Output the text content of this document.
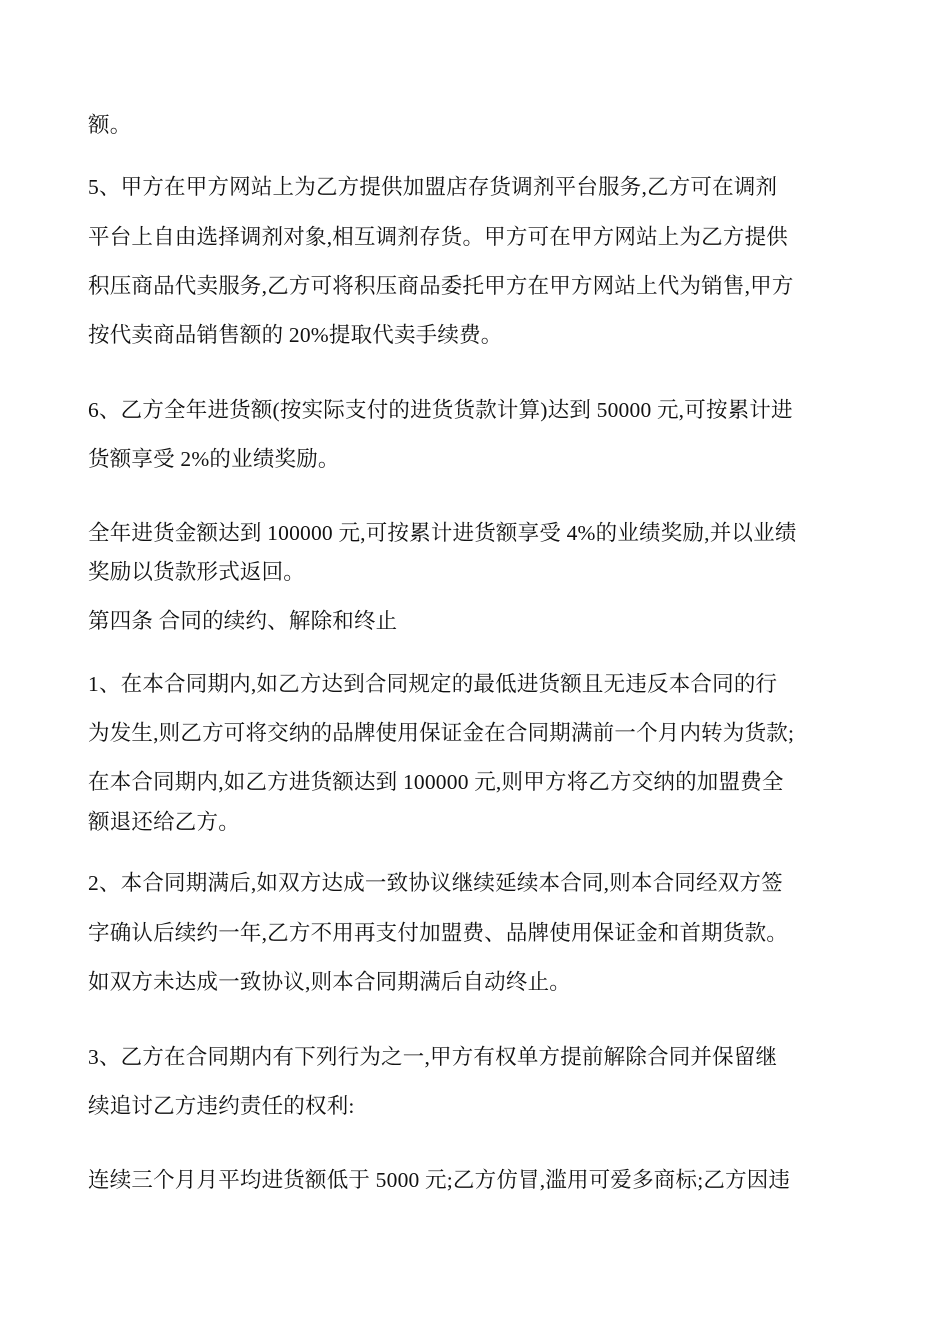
额。
5、甲方在甲方网站上为乙方提供加盟店存货调剂平台服务,乙方可在调剂
平台上自由选择调剂对象,相互调剂存货。甲方可在甲方网站上为乙方提供
积压商品代卖服务,乙方可将积压商品委托甲方在甲方网站上代为销售,甲方
按代卖商品销售额的 20%提取代卖手续费。
6、乙方全年进货额(按实际支付的进货货款计算)达到 50000 元,可按累计进
货额享受 2%的业绩奖励。
全年进货金额达到 100000 元,可按累计进货额享受 4%的业绩奖励,并以业绩
奖励以货款形式返回。
第四条 合同的续约、解除和终止
1、在本合同期内,如乙方达到合同规定的最低进货额且无违反本合同的行
为发生,则乙方可将交纳的品牌使用保证金在合同期满前一个月内转为货款;
在本合同期内,如乙方进货额达到 100000 元,则甲方将乙方交纳的加盟费全
额退还给乙方。
2、本合同期满后,如双方达成一致协议继续延续本合同,则本合同经双方签
字确认后续约一年,乙方不用再支付加盟费、品牌使用保证金和首期货款。
如双方未达成一致协议,则本合同期满后自动终止。
3、乙方在合同期内有下列行为之一,甲方有权单方提前解除合同并保留继
续追讨乙方违约责任的权利:
连续三个月月平均进货额低于 5000 元;乙方仿冒,滥用可爱多商标;乙方因违
